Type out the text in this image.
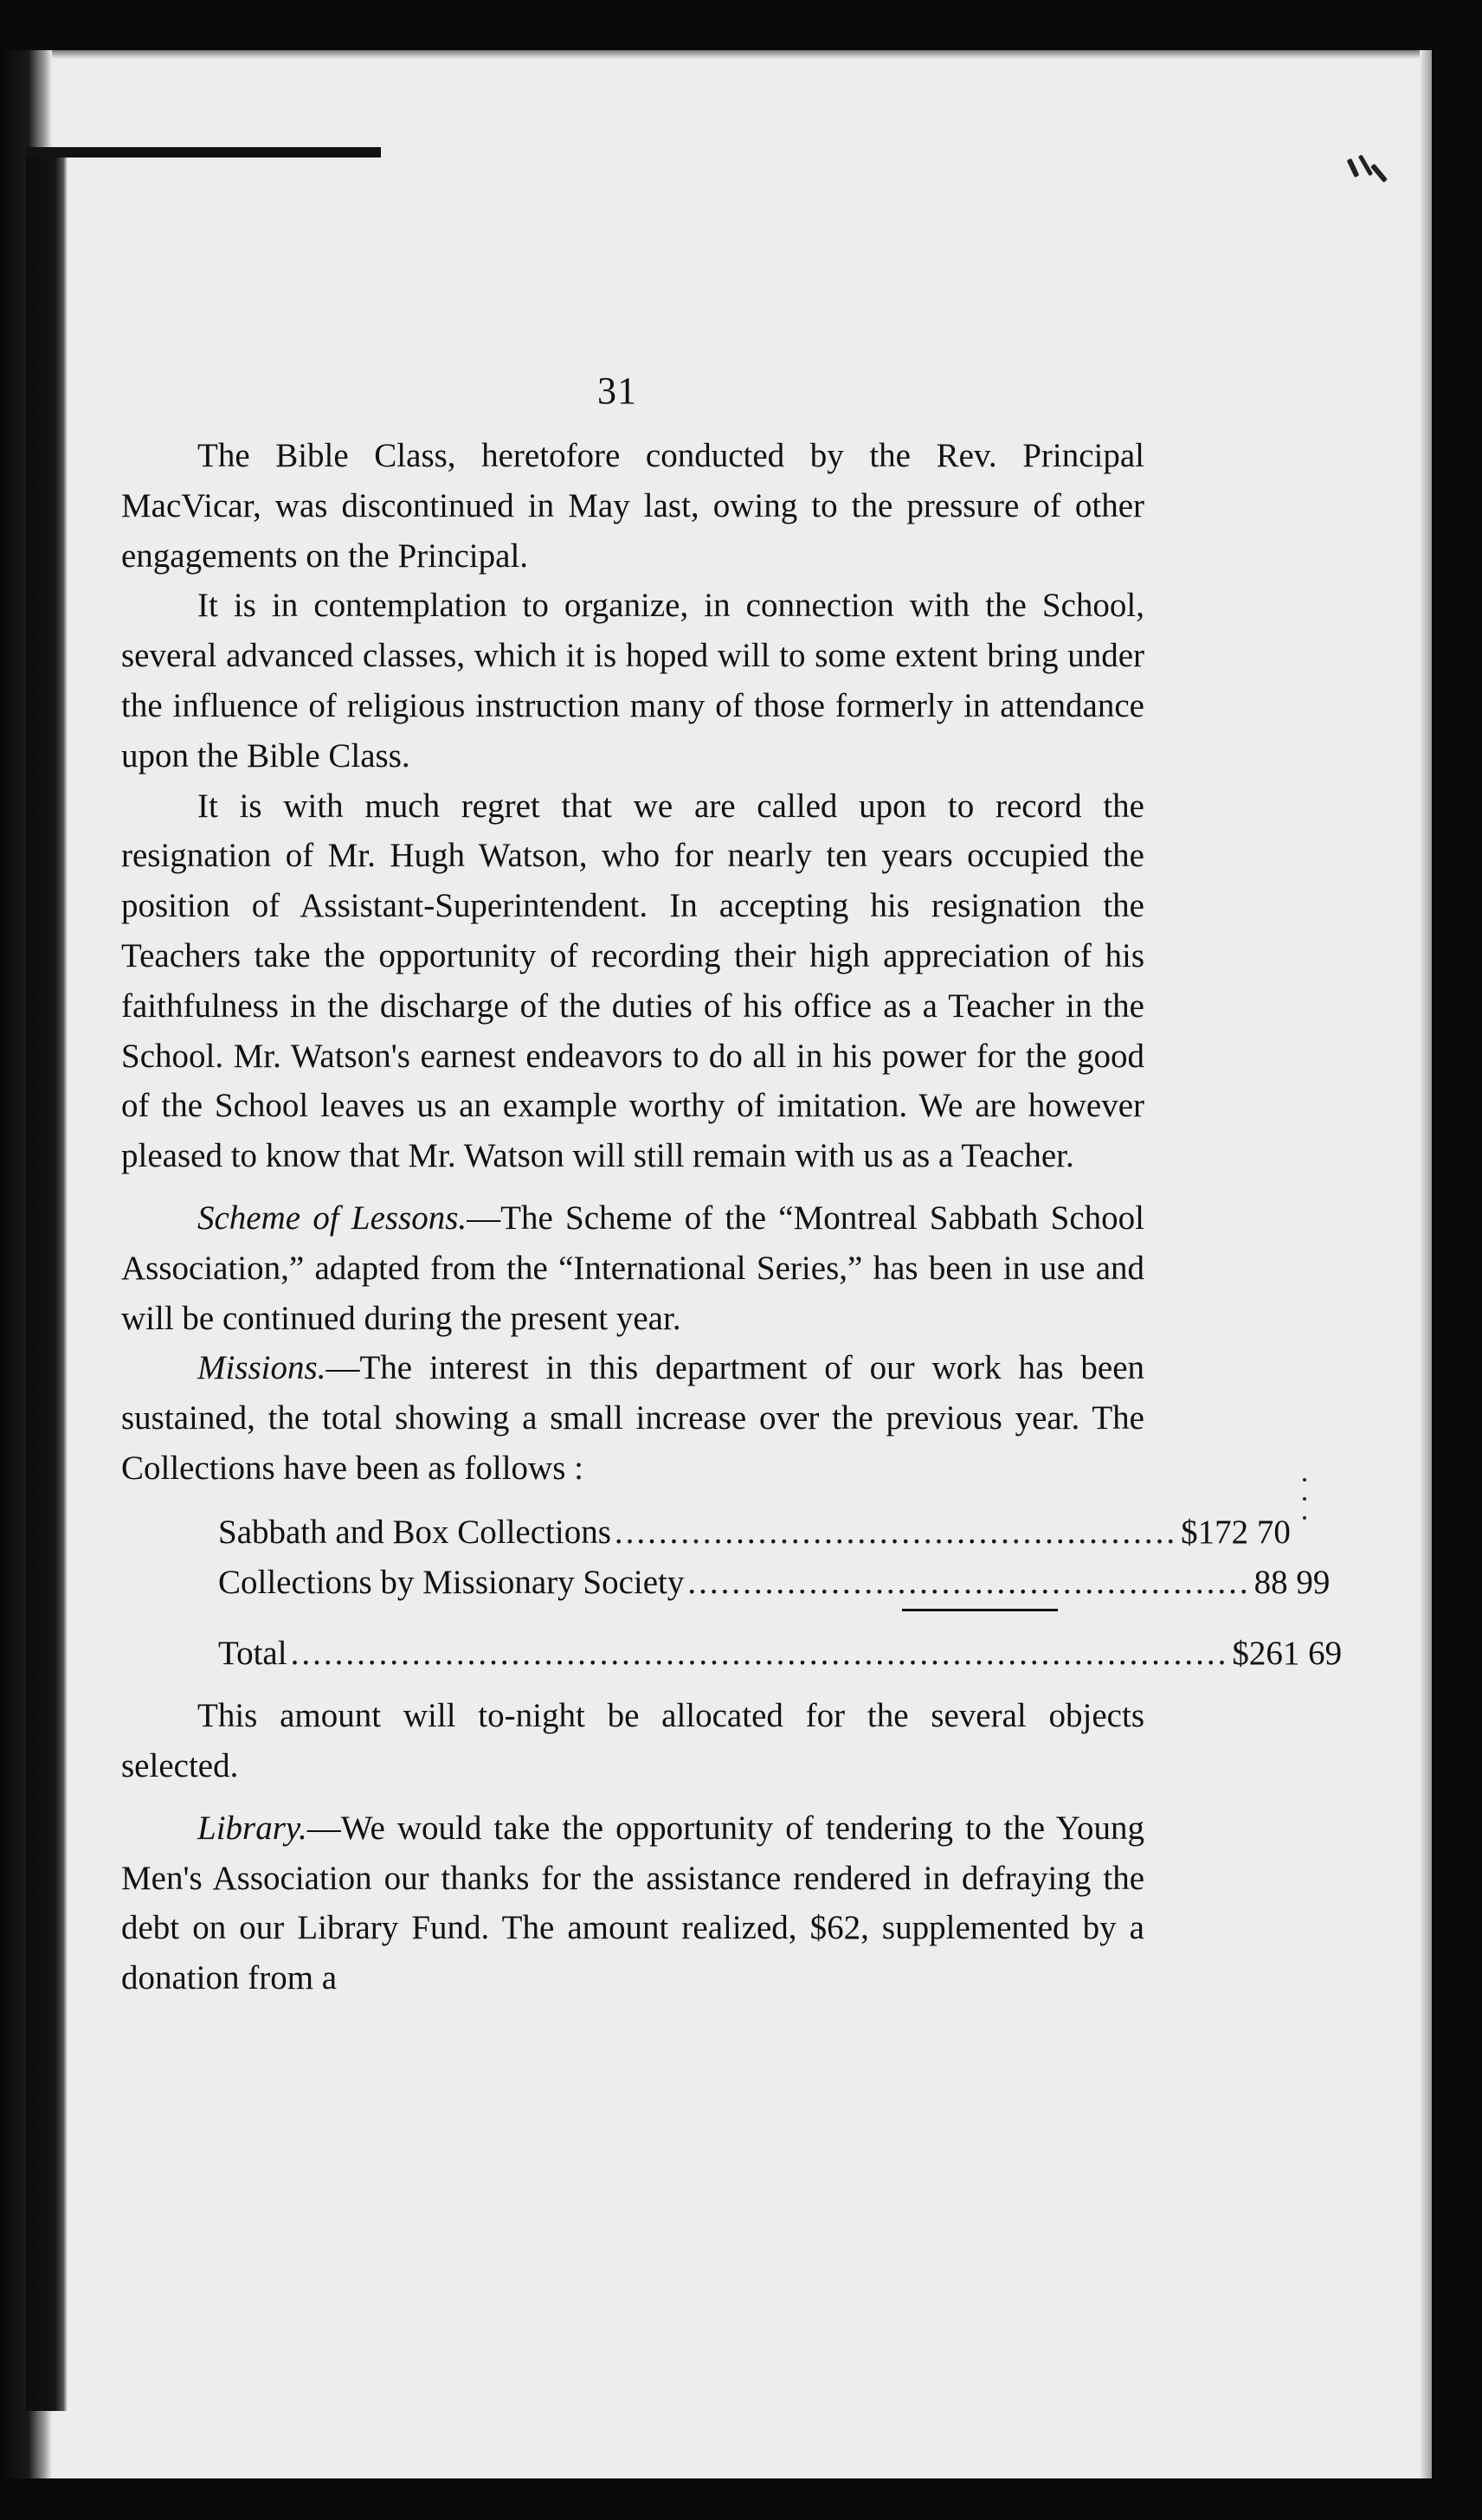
31

The Bible Class, heretofore conducted by the Rev. Principal MacVicar, was discontinued in May last, owing to the pressure of other engagements on the Principal.

It is in contemplation to organize, in connection with the School, several advanced classes, which it is hoped will to some extent bring under the influence of religious instruction many of those formerly in attendance upon the Bible Class.

It is with much regret that we are called upon to record the resignation of Mr. Hugh Watson, who for nearly ten years occupied the position of Assistant-Superintendent. In accepting his resignation the Teachers take the opportunity of recording their high appreciation of his faithfulness in the discharge of the duties of his office as a Teacher in the School. Mr. Watson's earnest endeavors to do all in his power for the good of the School leaves us an example worthy of imitation. We are however pleased to know that Mr. Watson will still remain with us as a Teacher.

Scheme of Lessons.—The Scheme of the “Montreal Sabbath School Association,” adapted from the “International Series,” has been in use and will be continued during the present year.

Missions.—The interest in this department of our work has been sustained, the total showing a small increase over the previous year. The Collections have been as follows :

Sabbath and Box Collections ................................................... $172 70
Collections by Missionary Society ................................................... 88 99
Total ..................................................................................... $261 69

This amount will to-night be allocated for the several objects selected.

Library.—We would take the opportunity of tendering to the Young Men's Association our thanks for the assistance rendered in defraying the debt on our Library Fund. The amount realized, $62, supplemented by a donation from a
